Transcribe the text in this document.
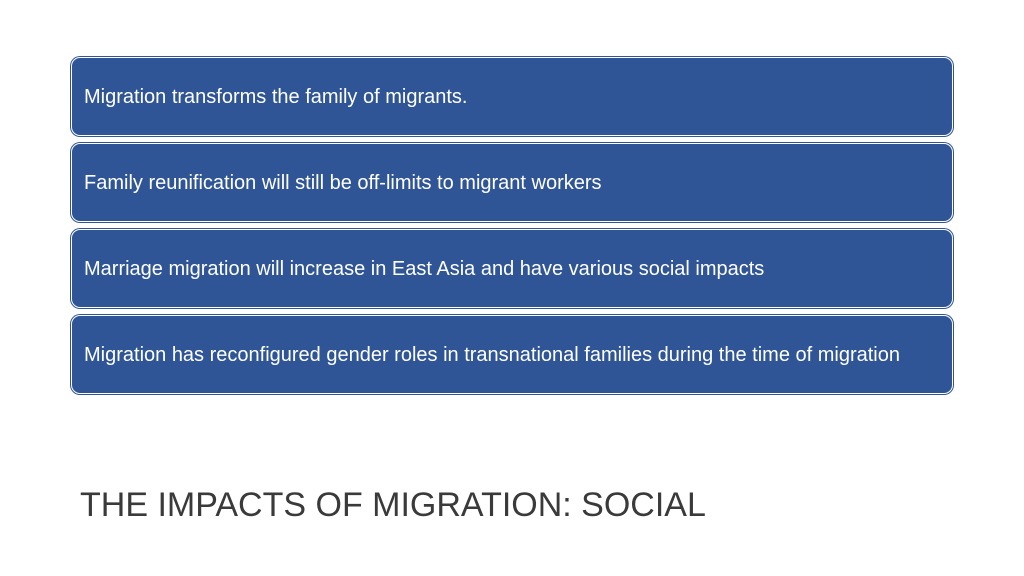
Migration transforms the family of migrants.
Family reunification will still be off-limits to migrant workers
Marriage migration will increase in East Asia and have various social impacts
Migration has reconfigured gender roles in transnational families during the time of migration
THE IMPACTS OF MIGRATION: SOCIAL
